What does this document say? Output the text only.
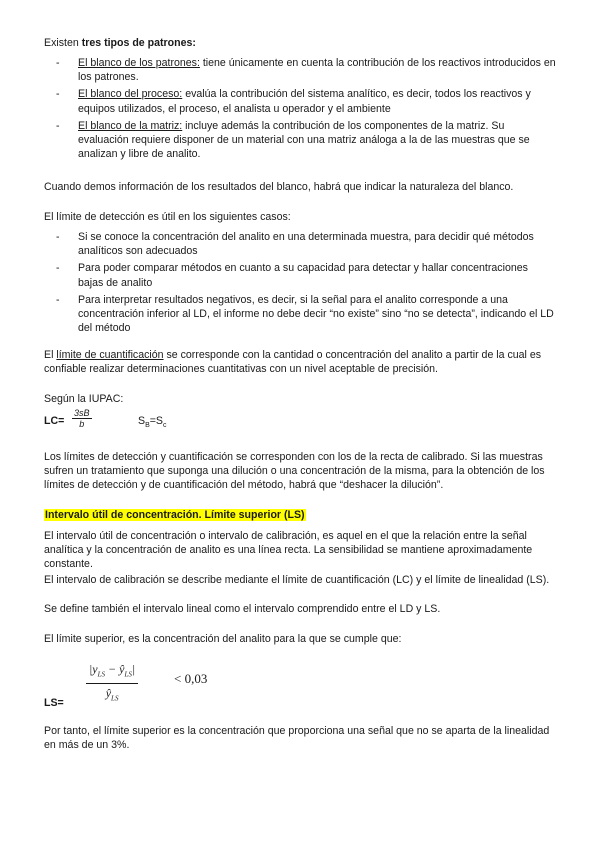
Existen tres tipos de patrones:

-	El blanco de los patrones: tiene únicamente en cuenta la contribución de los reactivos introducidos en los patrones.
-	El blanco del proceso: evalúa la contribución del sistema analítico, es decir, todos los reactivos y equipos utilizados, el proceso, el analista u operador y el ambiente
-	El blanco de la matriz: incluye además la contribución de los componentes de la matriz. Su evaluación requiere disponer de un material con una matriz análoga a la de las muestras que se analizan y libre de analito.

Cuando demos información de los resultados del blanco, habrá que indicar la naturaleza del blanco.

El límite de detección es útil en los siguientes casos:

-	Si se conoce la concentración del analito en una determinada muestra, para decidir qué métodos analíticos son adecuados
-	Para poder comparar métodos en cuanto a su capacidad para detectar y hallar concentraciones bajas de analito
-	Para interpretar resultados negativos, es decir, si la señal para el analito corresponde a una concentración inferior al LD, el informe no debe decir “no existe” sino “no se detecta”, indicando el LD del método

El límite de cuantificación se corresponde con la cantidad o concentración del analito a partir de la cual es confiable realizar determinaciones cuantitativas con un nivel aceptable de precisión.

Según la IUPAC:

$LC= \frac{3sB}{b}$	$S_B=S_c$

Los límites de detección y cuantificación se corresponden con los de la recta de calibrado. Si las muestras sufren un tratamiento que suponga una dilución o una concentración de la misma, para la obtención de los límites de detección y de cuantificación del método, habrá que “deshacer la dilución”.

Intervalo útil de concentración. Límite superior (LS)

El intervalo útil de concentración o intervalo de calibración, es aquel en el que la relación entre la señal analítica y la concentración de analito es una línea recta. La sensibilidad se mantiene aproximadamente constante.

El intervalo de calibración se describe mediante el límite de cuantificación (LC) y el límite de linealidad (LS).

Se define también el intervalo lineal como el intervalo comprendido entre el LD y LS.

El límite superior, es la concentración del analito para la que se cumple que:

LS=
$|y_{LS}$ − $ŷ_{LS}|$
$ŷ_{LS}$
< 0,03

Por tanto, el límite superior es la concentración que proporciona una señal que no se aparta de la linealidad en más de un 3%.
